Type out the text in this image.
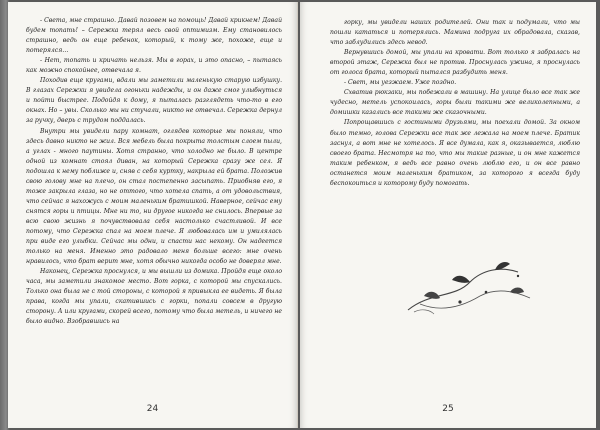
- Света, мне страшно. Давай позовем на помощь! Давай крикнем! Давай будем топать! – Сережка терял весь свой оптимизм. Ему становилось страшно, ведь он еще ребенок, который, к тому же, похоже, еще и потерялся…

- Нет, топать и кричать нельзя. Мы в горах, и это опасно, – пытаясь как можно спокойнее, отвечала я.

Походив еще кругами, вдали мы заметили маленькую старую избушку. В глазах Сережки я увидела огоньки надежды, и он даже смог улыбнуться и пойти быстрее. Подойдя к дому, я пыталась разглядеть что-то в его окнах. Но – увы. Сколько мы ни стучали, никто не отвечал. Сережка дернул за ручку, дверь с трудом поддалась.

Внутри мы увидели пару комнат, оглядев которые мы поняли, что здесь давно никто не жил. Вся мебель была покрыта толстым слоем пыли, а углах - много паутины. Хотя странно, что холодно не было. В центре одной из комнат стоял диван, на который Сережка сразу же сел. Я подошла к нему поближе и, сняв с себя куртку, накрыла ей брата. Положив свою голову мне на плечо, он стал постепенно засыпать. Приобняв его, я тоже закрыла глаза, но не оттого, что хотела спать, а от удовольствия, что сейчас я нахожусь с моим маленьким братишкой. Наверное, сейчас ему снятся горы и птицы. Мне ни то, ни другое никогда не снилось. Впервые за всю свою жизнь я почувствовала себя настолько счастливой. И все потому, что Сережка спал на моем плече. Я любовалась им и умилялась при виде его улыбки. Сейчас мы одни, и спасти нас некому. Он надеется только на меня. Именно это радовало меня больше всего: мне очень нравилось, что брат верит мне, хотя обычно никогда особо не доверял мне.

Наконец, Сережка проснулся, и мы вышли из домика. Пройдя еще около часа, мы заметили знакомое место. Вот горка, с которой мы спускались. Только она была не с той стороны, с которой я привыкла ее видеть. Я была права, когда мы упали, скатившись с горки, попали совсем в другую сторону. А или кругами, скорей всего, потому что была метель, и ничего не было видно. Взобравшись на

24

горку, мы увидели наших родителей. Они так и подумали, что мы пошли кататься и потерялись. Мамина подруга их обрадовала, сказав, что заблудились здесь невод.

Вернувшись домой, мы упали на кровати. Вот только я забралась на второй этаж, Сережка был не против. Проснулась ужина, я проснулась от голоса брата, который пытался разбудить меня.

- Свет, мы уезжаем. Уже поздно.

Схватив рюкзаки, мы побежали в машину. На улице было все так же чудесно, метель успокоилась, горы были такими же великолепными, а домишки казались все такими же сказочными.

Попрощавшись с гостиными друзьями, мы поехали домой. За окном было темно, голова Сережки все так же лежала на моем плече. Братик заснул, а вот мне не хотелось. Я все думала, как я, оказывается, люблю своего брата. Несмотря на то, что мы такие разные, и он мне кажется таким ребенком, я ведь все равно очень люблю его, и он все равно останется моим маленьким братиком, за которого я всегда буду беспокоиться и которому буду помогать.

25
